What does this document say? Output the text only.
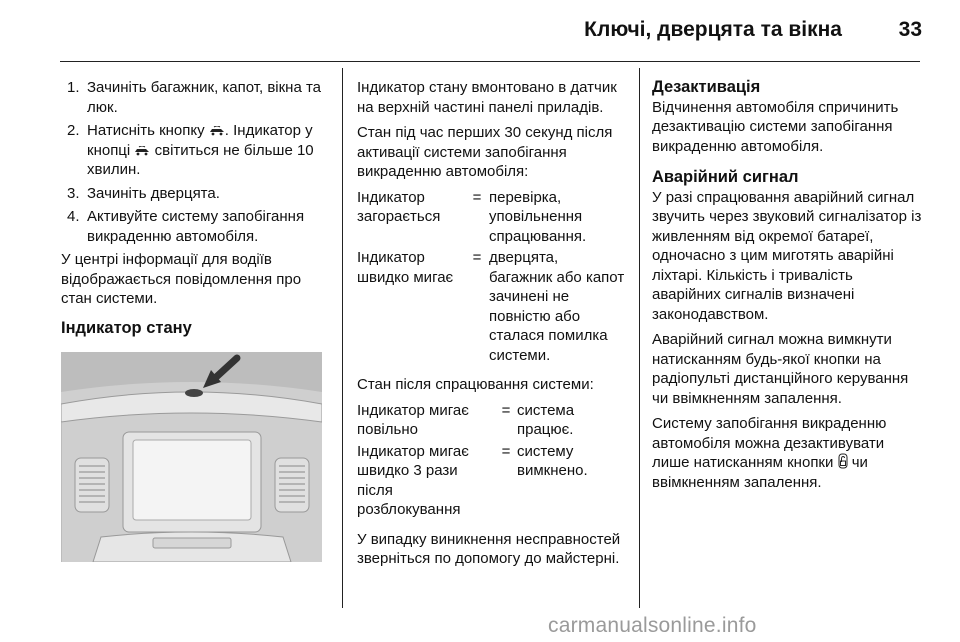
Ключі, дверцята та вікна	33
1. Зачиніть багажник, капот, вікна та люк.
2. Натисніть кнопку . Індикатор у кнопці світиться не більше 10 хвилин.
3. Зачиніть дверцята.
4. Активуйте систему запобігання викраденню автомобіля.

У центрі інформації для водіїв відображається повідомлення про стан системи.

Індикатор стану

Індикатор стану вмонтовано в датчик на верхній частині панелі приладів.

Стан під час перших 30 секунд після активації системи запобігання викраденню автомобіля:

Індикатор загорається	=	перевірка, уповільнення спрацювання.
Індикатор швидко мигає	=	дверцята, багажник або капот зачинені не повністю або сталася помилка системи.

Стан після спрацювання системи:

Індикатор мигає повільно	=	система працює.
Індикатор мигає швидко 3 рази після розблокування	=	систему вимкнено.

У випадку виникнення несправностей зверніться по допомогу до майстерні.

Дезактивація

Відчинення автомобіля спричинить дезактивацію системи запобігання викраденню автомобіля.

Аварійний сигнал

У разі спрацювання аварійний сигнал звучить через звуковий сигналізатор із живленням від окремої батареї, одночасно з цим миготять аварійні ліхтарі. Кількість і тривалість аварійних сигналів визначені законодавством.

Аварійний сигнал можна вимкнути натисканням будь-якої кнопки на радіопульті дистанційного керування чи ввімкненням запалення.

Систему запобігання викраденню автомобіля можна дезактивувати лише натисканням кнопки чи ввімкненням запалення.

carmanualsonline.info
